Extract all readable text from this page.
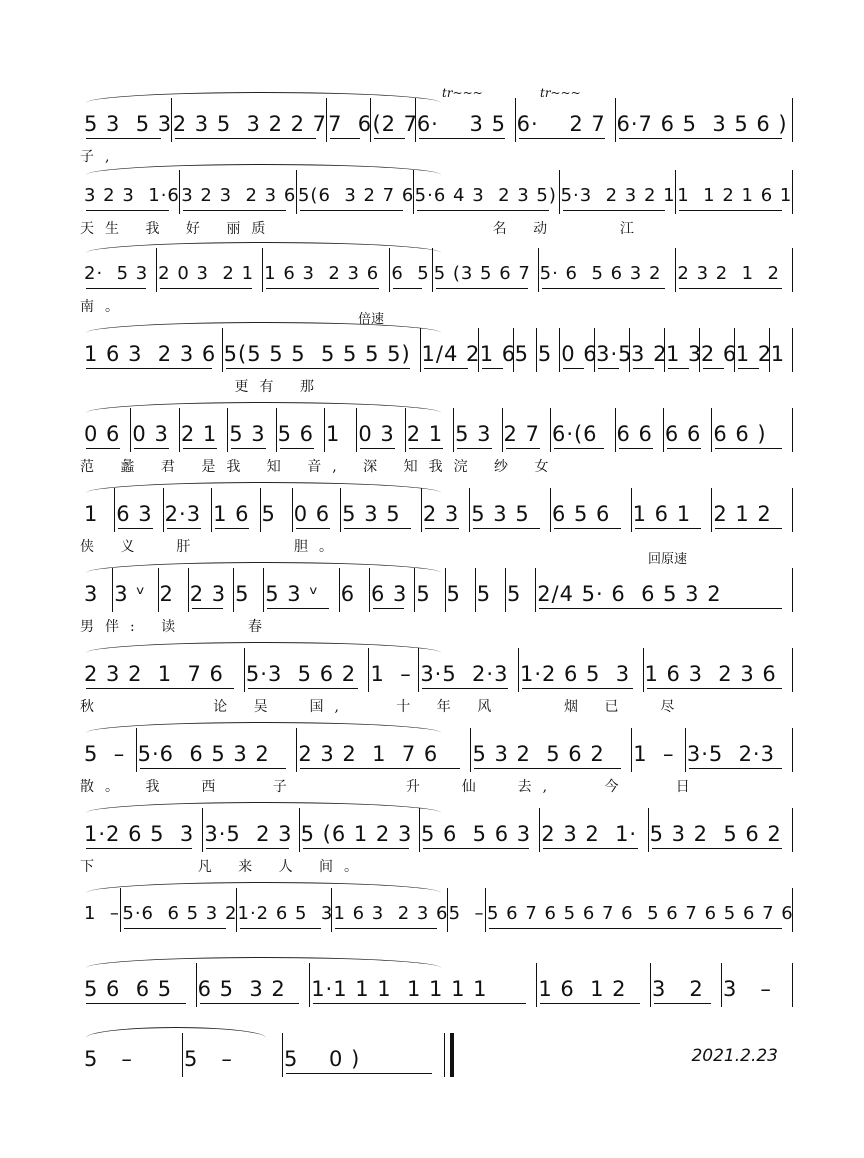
5 3  5 3 2 3 5  3 2 2 7 7  6 (2 7
6·    3 5 6·    2 7 6·7 6 5  3 5 6 )
子,
tr~~~	tr~~~
3 2 3  1·6 3 2 3  2 3 6 5(6  3 2 7 6 5·6 4 3  2 3 5) 5·3  2 3 2 1 1  1 2 1 6 1
天生 我 好 丽质              名 动    江
2·  5 3 2 0 3  2 1 1 6 3  2 3 6 6  5 5 (3 5 6 7 5· 6  5 6 3 2 2 3 2  1  2
南。
1 6 3  2 3 6 5(5 5 5  5 5 5 5) 1/4 2 1 6
5 5 0 6
3·5
3 2
1 3
2 6
1 2
1
更有 那
倍速
0 6 0 3 2 1 5 3 5 6 1 0 3 2 1 5 3 2 7 6·(6 6 6 6 6 6 6 )
范 蠡 君 是我 知 音, 深 知我浣 纱 女
1 6 3 2·3 1 6 5 0 6 5 3 5 2 3 5 3 5 6 5 6 1 6 1 2 1 2
侠 义  肝      胆。
3 3 ᵛ 2 2 3 5 5 3 ᵛ 6 6 3 5 5 5 5 2/4 5· 6  6 5 3 2
男伴: 读    春
回原速
2 3 2  1  7 6 5·3  5 6 2 1  – 3·5  2·3 1·2 6 5  3 1 6 3  2 3 6
秋       论 吴  国,   十 年 风    烟 已  尽
5  – 5·6  6 5 3 2 2 3 2  1  7 6 5 3 2  5 6 2 1  – 3·5  2·3
散。 我  西   子       升  仙  去,   今   日
1·2 6 5  3 3·5  2 3 5 (6 1 2 3 5 6  5 6 3 2 3 2  1· 5 3 2  5 6 2
下      凡 来 人 间。
1  – 5·6  6 5 3 2 1·2 6 5  3 1 6 3  2 3 6 5  – 5 6 7 6 5 6 7 6  5 6 7 6 5 6 7 6
5 6  6 5 6 5  3 2 1·1 1 1  1 1 1 1 1 6  1 2 3   2 3   –
5   – 5   – 5    0 )	2021.2.23
